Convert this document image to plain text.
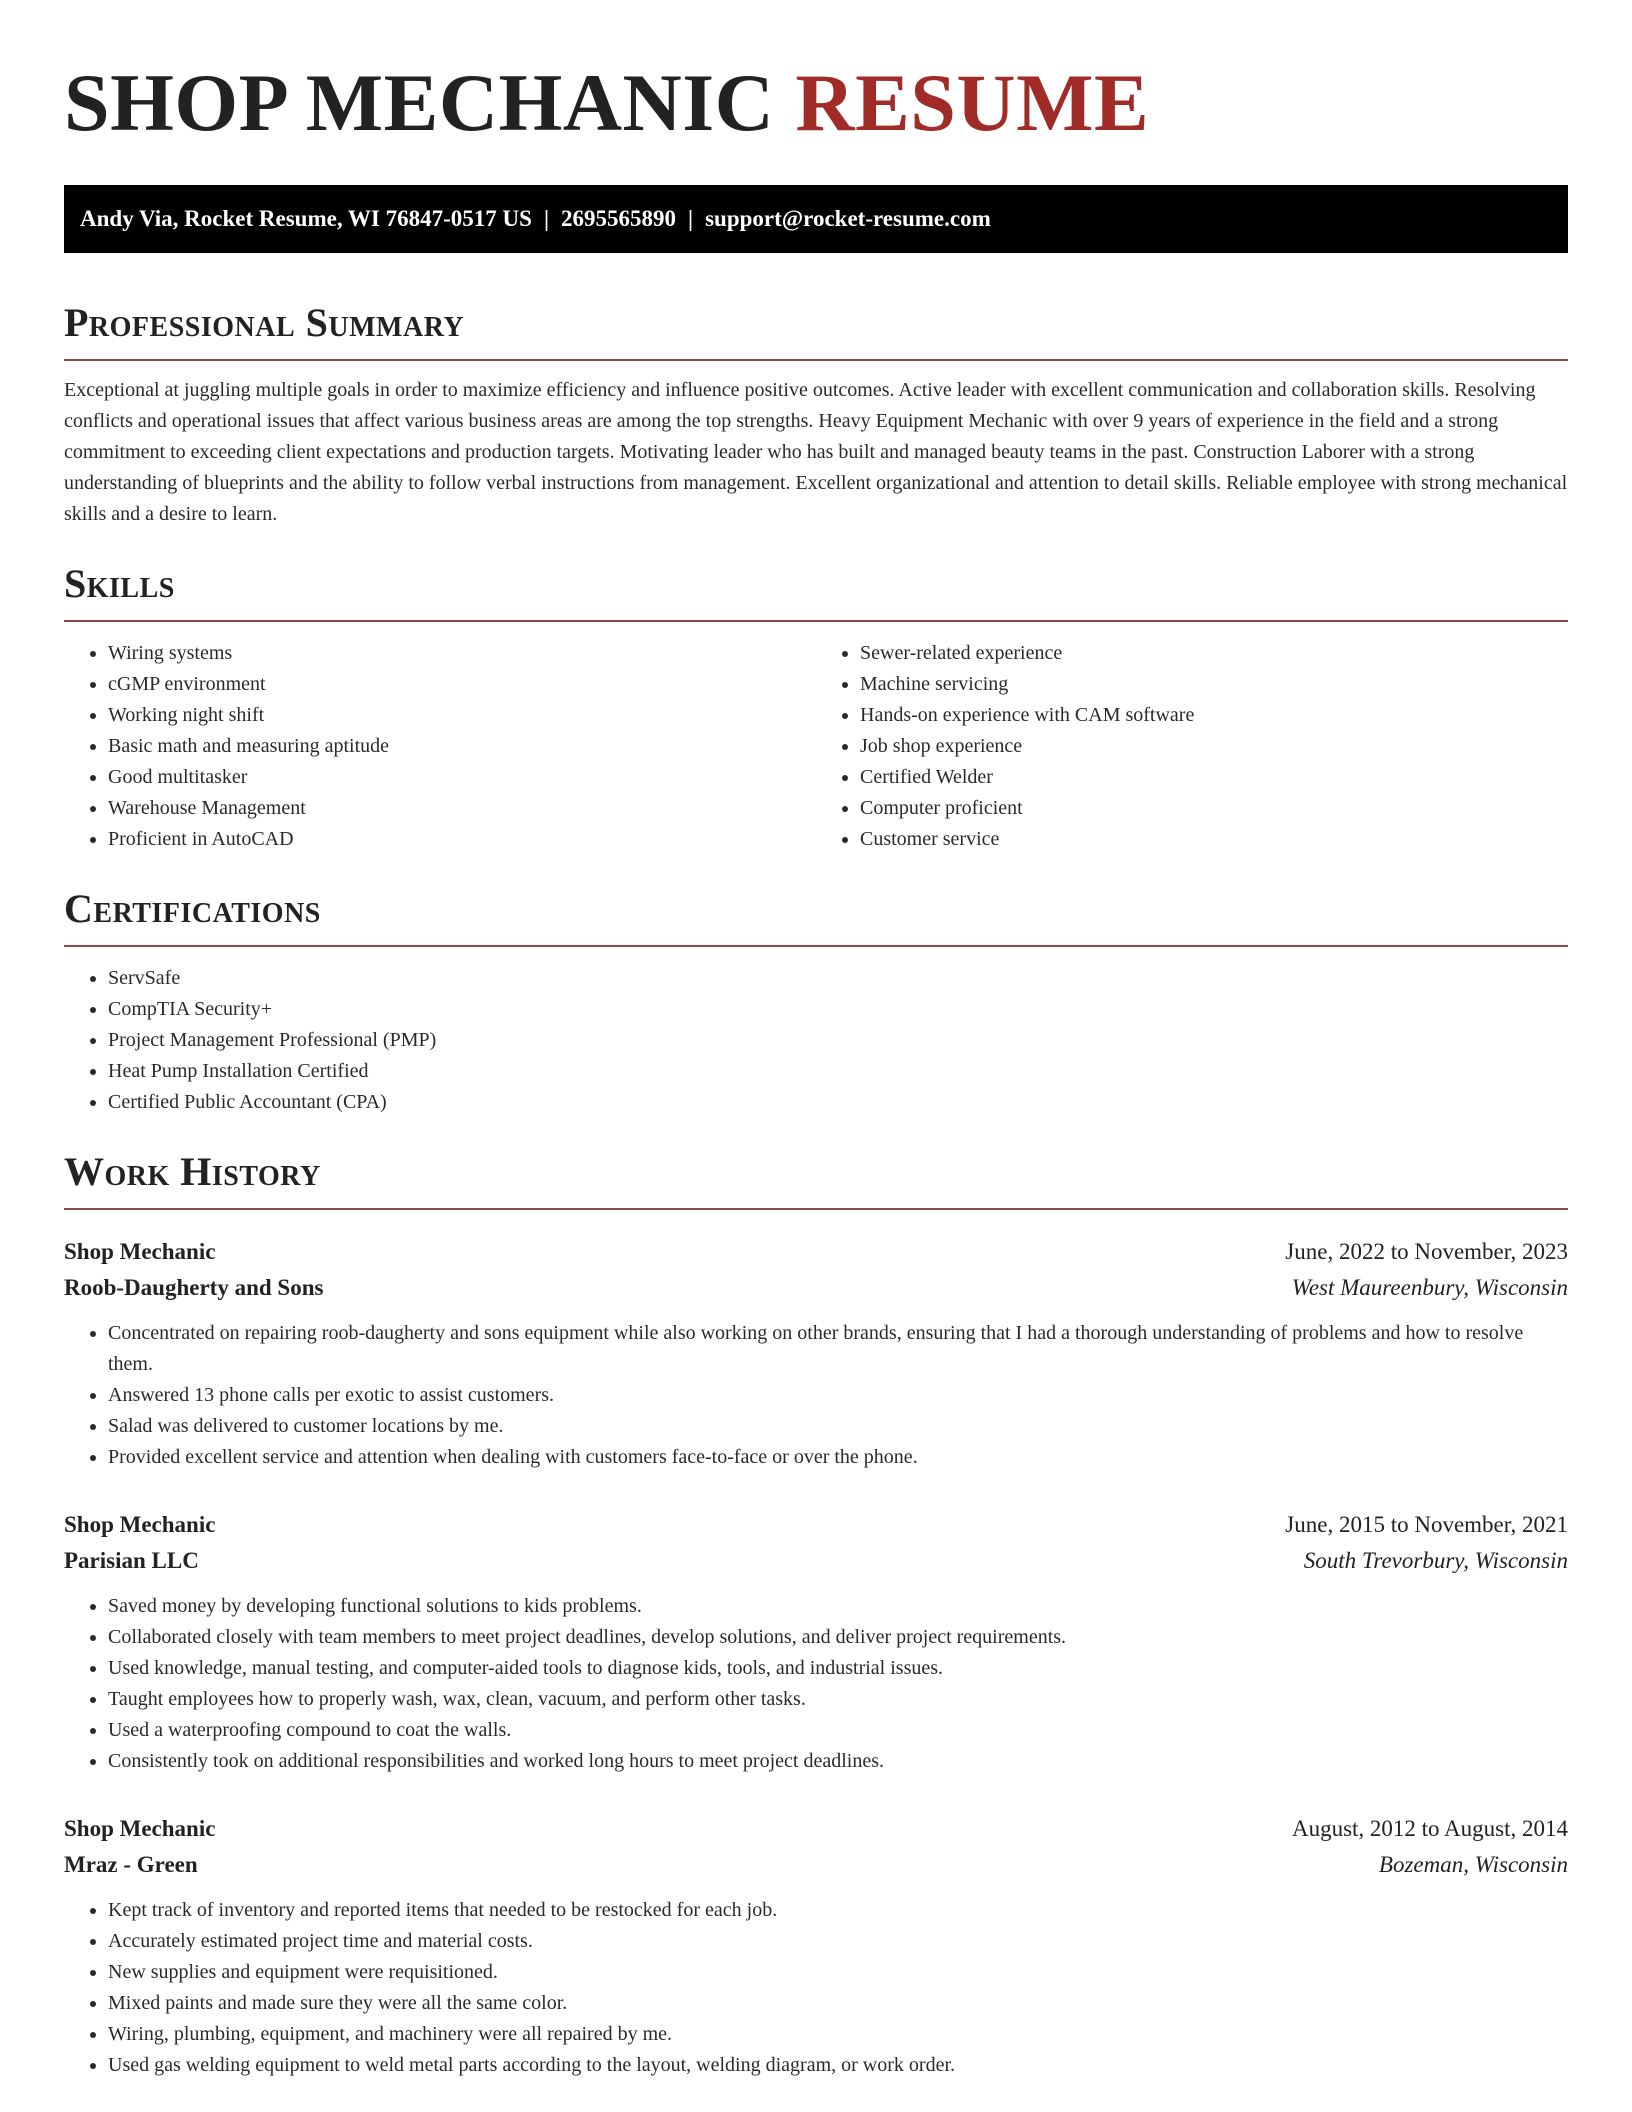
SHOP MECHANIC RESUME
Andy Via, Rocket Resume, WI 76847-0517 US | 2695565890 | support@rocket-resume.com
Professional Summary

Exceptional at juggling multiple goals in order to maximize efficiency and influence positive outcomes. Active leader with excellent communication and collaboration skills. Resolving conflicts and operational issues that affect various business areas are among the top strengths. Heavy Equipment Mechanic with over 9 years of experience in the field and a strong commitment to exceeding client expectations and production targets. Motivating leader who has built and managed beauty teams in the past. Construction Laborer with a strong understanding of blueprints and the ability to follow verbal instructions from management. Excellent organizational and attention to detail skills. Reliable employee with strong mechanical skills and a desire to learn.

Skills
• Wiring systems
• cGMP environment
• Working night shift
• Basic math and measuring aptitude
• Good multitasker
• Warehouse Management
• Proficient in AutoCAD
• Sewer-related experience
• Machine servicing
• Hands-on experience with CAM software
• Job shop experience
• Certified Welder
• Computer proficient
• Customer service
Certifications
• ServSafe
• CompTIA Security+
• Project Management Professional (PMP)
• Heat Pump Installation Certified
• Certified Public Accountant (CPA)
Work History
Shop Mechanic	June, 2022 to November, 2023
Roob-Daugherty and Sons	West Maureenbury, Wisconsin
• Concentrated on repairing roob-daugherty and sons equipment while also working on other brands, ensuring that I had a thorough understanding of problems and how to resolve them.
• Answered 13 phone calls per exotic to assist customers.
• Salad was delivered to customer locations by me.
• Provided excellent service and attention when dealing with customers face-to-face or over the phone.
Shop Mechanic	June, 2015 to November, 2021
Parisian LLC	South Trevorbury, Wisconsin
• Saved money by developing functional solutions to kids problems.
• Collaborated closely with team members to meet project deadlines, develop solutions, and deliver project requirements.
• Used knowledge, manual testing, and computer-aided tools to diagnose kids, tools, and industrial issues.
• Taught employees how to properly wash, wax, clean, vacuum, and perform other tasks.
• Used a waterproofing compound to coat the walls.
• Consistently took on additional responsibilities and worked long hours to meet project deadlines.
Shop Mechanic	August, 2012 to August, 2014
Mraz - Green	Bozeman, Wisconsin
• Kept track of inventory and reported items that needed to be restocked for each job.
• Accurately estimated project time and material costs.
• New supplies and equipment were requisitioned.
• Mixed paints and made sure they were all the same color.
• Wiring, plumbing, equipment, and machinery were all repaired by me.
• Used gas welding equipment to weld metal parts according to the layout, welding diagram, or work order.
